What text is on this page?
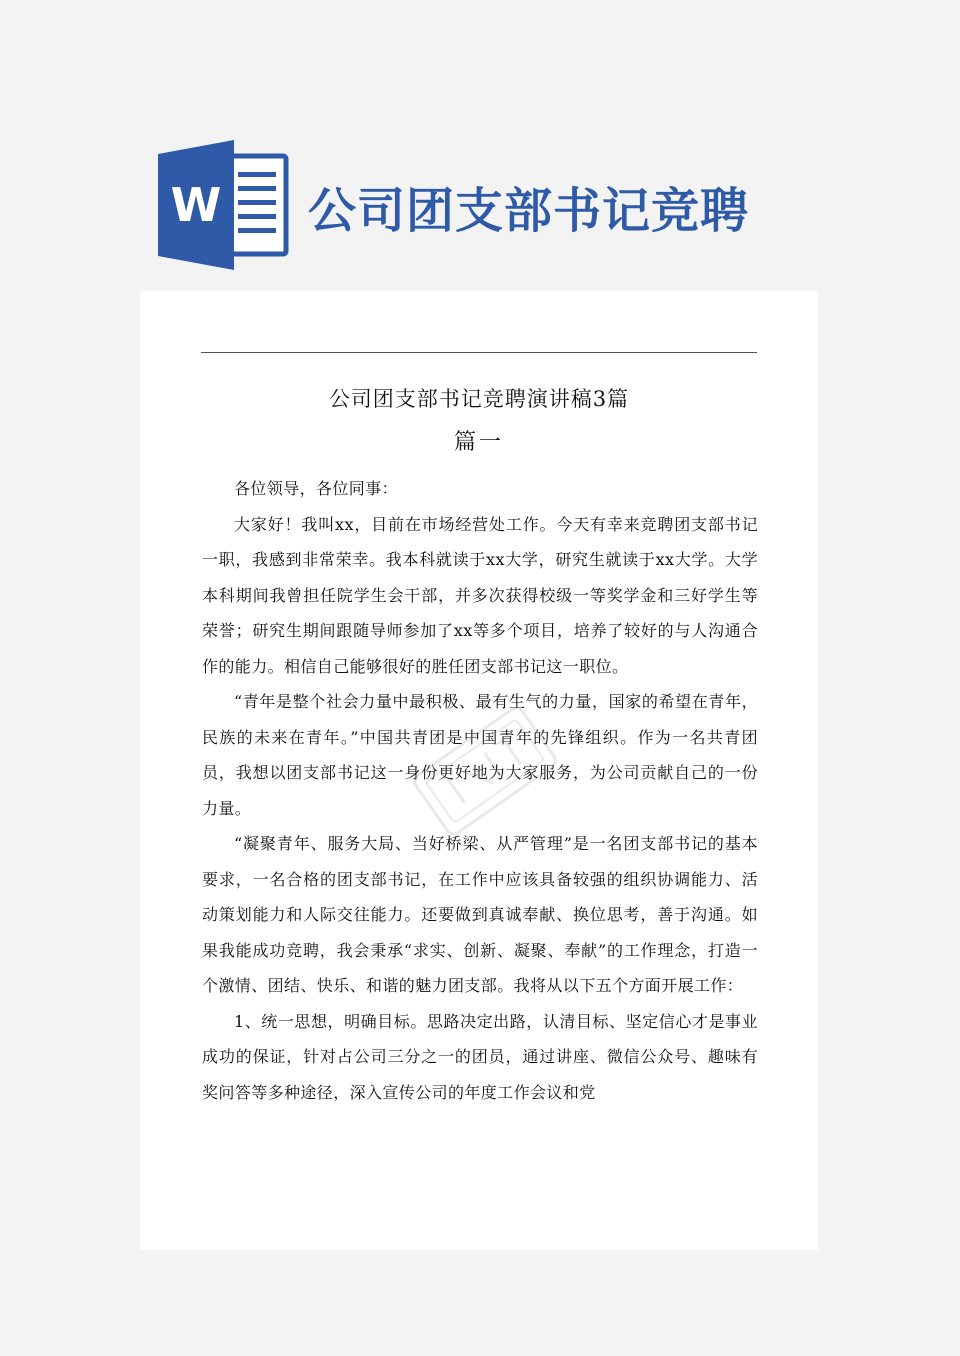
W 公司团支部书记竞聘
公司团支部书记竞聘演讲稿3篇
篇一

各位领导，各位同事：

大家好！我叫xx，目前在市场经营处工作。今天有幸来竞聘团支部书记一职，我感到非常荣幸。我本科就读于xx大学，研究生就读于xx大学。大学本科期间我曾担任院学生会干部，并多次获得校级一等奖学金和三好学生等荣誉；研究生期间跟随导师参加了xx等多个项目，培养了较好的与人沟通合作的能力。相信自己能够很好的胜任团支部书记这一职位。

“青年是整个社会力量中最积极、最有生气的力量，国家的希望在青年，民族的未来在青年。”中国共青团是中国青年的先锋组织。作为一名共青团员，我想以团支部书记这一身份更好地为大家服务，为公司贡献自己的一份力量。

“凝聚青年、服务大局、当好桥梁、从严管理”是一名团支部书记的基本要求，一名合格的团支部书记，在工作中应该具备较强的组织协调能力、活动策划能力和人际交往能力。还要做到真诚奉献、换位思考，善于沟通。如果我能成功竞聘，我会秉承“求实、创新、凝聚、奉献”的工作理念，打造一个激情、团结、快乐、和谐的魅力团支部。我将从以下五个方面开展工作：

1、统一思想，明确目标。思路决定出路，认清目标、坚定信心才是事业成功的保证，针对占公司三分之一的团员，通过讲座、微信公众号、趣味有奖问答等多种途径，深入宣传公司的年度工作会议和党
